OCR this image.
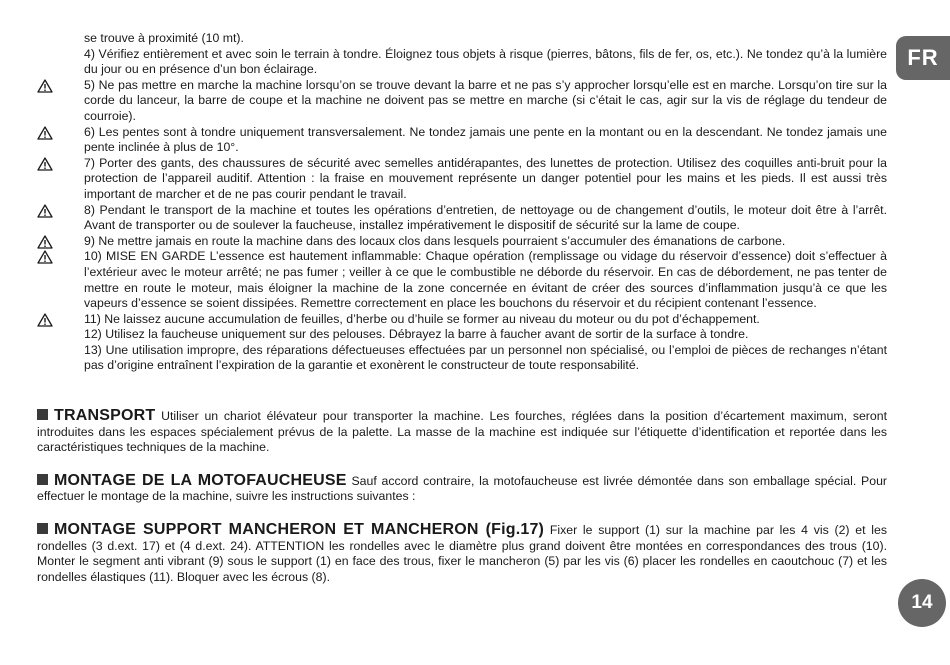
se trouve à proximité (10 mt).
4) Vérifiez entièrement et avec soin le terrain à tondre. Éloignez tous objets à risque (pierres, bâtons, fils de fer, os, etc.). Ne tondez qu’à la lumière du jour ou en présence d’un bon éclairage.
5) Ne pas mettre en marche la machine lorsqu’on se trouve devant la barre et ne pas s’y approcher lorsqu’elle est en marche. Lorsqu’on tire sur la corde du lanceur, la barre de coupe et la machine ne doivent pas se mettre en marche (si c’était le cas, agir sur la vis de réglage du tendeur de courroie).
6) Les pentes sont à tondre uniquement transversalement. Ne tondez jamais une pente en la montant ou en la descendant. Ne tondez jamais une pente inclinée à plus de 10°.
7) Porter des gants, des chaussures de sécurité avec semelles antidérapantes, des lunettes de protection. Utilisez des coquilles anti-bruit pour la protection de l’appareil auditif. Attention : la fraise en mouvement représente un danger potentiel pour les mains et les pieds. Il est aussi très important de marcher et de ne pas courir pendant le travail.
8) Pendant le transport de la machine et toutes les opérations d’entretien, de nettoyage ou de changement d’outils, le moteur doit être à l’arrêt. Avant de transporter ou de soulever la faucheuse, installez impérativement le dispositif de sécurité sur la lame de coupe.
9) Ne mettre jamais en route la machine dans des locaux clos dans lesquels pourraient s’accumuler des émanations de carbone.
10) MISE EN GARDE L’essence est hautement inflammable: Chaque opération (remplissage ou vidage du réservoir d’essence) doit s’effectuer à l’extérieur avec le moteur arrêté; ne pas fumer ; veiller à ce que le combustible ne déborde du réservoir. En cas de débordement, ne pas tenter de mettre en route le moteur, mais éloigner la machine de la zone concernée en évitant de créer des sources d’inflammation jusqu’à ce que les vapeurs d’essence se soient dissipées. Remettre correctement en place les bouchons du réservoir et du récipient contenant l’essence.
11) Ne laissez aucune accumulation de feuilles, d’herbe ou d’huile se former au niveau du moteur ou du pot d’échappement.
12) Utilisez la faucheuse uniquement sur des pelouses. Débrayez la barre à faucher avant de sortir de la surface à tondre.
13) Une utilisation impropre, des réparations défectueuses effectuées par un personnel non spécialisé, ou l’emploi de pièces de rechanges n’étant pas d’origine entraînent l’expiration de la garantie et exonèrent le constructeur de toute responsabilité.
TRANSPORT Utiliser un chariot élévateur pour transporter la machine. Les fourches, réglées dans la position d’écartement maximum, seront introduites dans les espaces spécialement prévus de la palette. La masse de la machine est indiquée sur l’étiquette d’identification et reportée dans les caractéristiques techniques de la machine.
MONTAGE DE LA MOTOFAUCHEUSE Sauf accord contraire, la motofaucheuse est livrée démontée dans son emballage spécial. Pour effectuer le montage de la machine, suivre les instructions suivantes :
MONTAGE SUPPORT MANCHERON ET MANCHERON (Fig.17) Fixer le support (1) sur la machine par les 4 vis (2) et les rondelles (3 d.ext. 17) et (4 d.ext. 24). ATTENTION les rondelles avec le diamètre plus grand doivent être montées en correspondances des trous (10). Monter le segment anti vibrant (9) sous le support (1) en face des trous, fixer le mancheron (5) par les vis (6) placer les rondelles en caoutchouc (7) et les rondelles élastiques (11). Bloquer avec les écrous (8).
FR
14
